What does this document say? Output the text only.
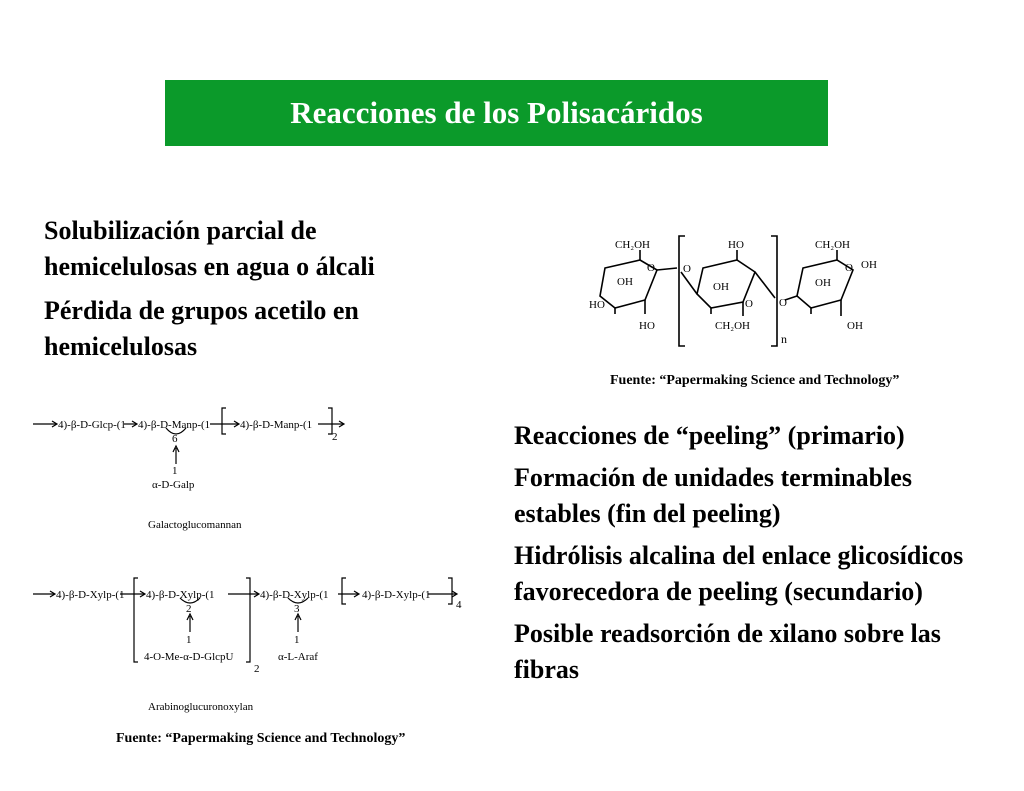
Reacciones de los Polisacáridos

Solubilización parcial de hemicelulosas en agua o álcali

Pérdida de grupos acetilo en hemicelulosas

CH₂OH
O	O
OH
HO
HO
HO
OH
O
CH₂OH
O
CH₂OH
O OH
OH
OH
n
Fuente: “Papermaking Science and Technology”
4)-β-D-Glcp-(1 4)-β-D-Manp-(1	4)-β-D-Manp-(1
6
1
α-D-Galp
2
Galactoglucomannan
4)-β-D-Xylp-(1 4)-β-D-Xylp-(1	4)-β-D-Xylp-(1	4)-β-D-Xylp-(1
2
1
4-O-Me-α-D-GlcpU
3
1
α-L-Araf
2
4
Arabinoglucuronoxylan
Fuente: “Papermaking Science and Technology”

Reacciones de “peeling” (primario)

Formación de unidades terminables estables (fin del peeling)

Hidrólisis alcalina del enlace glicosídicos favorecedora de peeling (secundario)

Posible readsorción de xilano sobre las fibras
